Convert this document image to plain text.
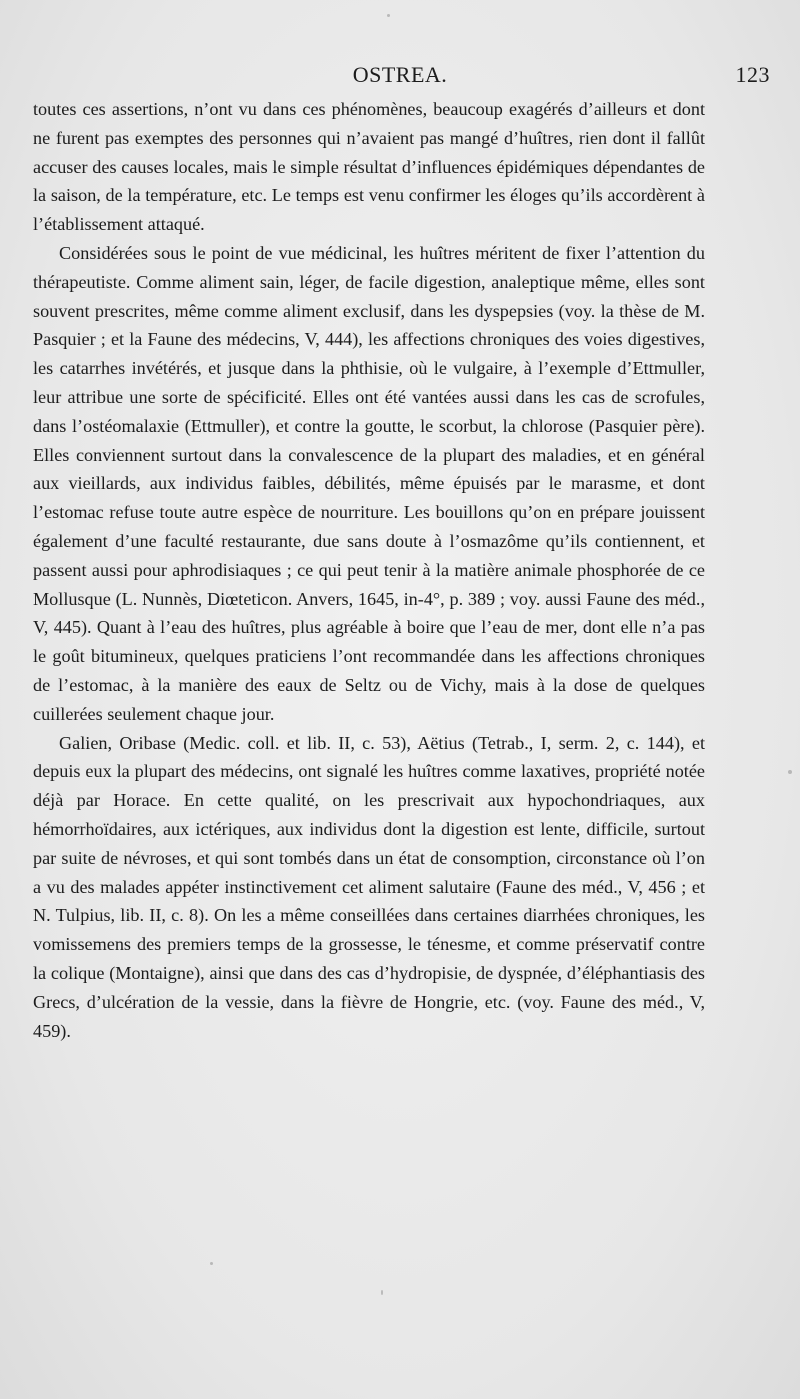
OSTREA.	123

toutes ces assertions, n’ont vu dans ces phénomènes, beaucoup exagérés d’ailleurs et dont ne furent pas exemptes des personnes qui n’avaient pas mangé d’huîtres, rien dont il fallût accuser des causes locales, mais le simple résultat d’influences épidémiques dépendantes de la saison, de la température, etc. Le temps est venu confirmer les éloges qu’ils accordèrent à l’établissement attaqué.

Considérées sous le point de vue médicinal, les huîtres méritent de fixer l’attention du thérapeutiste. Comme aliment sain, léger, de facile digestion, analeptique même, elles sont souvent prescrites, même comme aliment exclusif, dans les dyspepsies (voy. la thèse de M. Pasquier ; et la Faune des médecins, V, 444), les affections chroniques des voies digestives, les catarrhes invétérés, et jusque dans la phthisie, où le vulgaire, à l’exemple d’Ettmuller, leur attribue une sorte de spécificité. Elles ont été vantées aussi dans les cas de scrofules, dans l’ostéomalaxie (Ettmuller), et contre la goutte, le scorbut, la chlorose (Pasquier père). Elles conviennent surtout dans la convalescence de la plupart des maladies, et en général aux vieillards, aux individus faibles, débilités, même épuisés par le marasme, et dont l’estomac refuse toute autre espèce de nourriture. Les bouillons qu’on en prépare jouissent également d’une faculté restaurante, due sans doute à l’osmazôme qu’ils contiennent, et passent aussi pour aphrodisiaques ; ce qui peut tenir à la matière animale phosphorée de ce Mollusque (L. Nunnès, Diœteticon. Anvers, 1645, in-4°, p. 389 ; voy. aussi Faune des méd., V, 445). Quant à l’eau des huîtres, plus agréable à boire que l’eau de mer, dont elle n’a pas le goût bitumineux, quelques praticiens l’ont recommandée dans les affections chroniques de l’estomac, à la manière des eaux de Seltz ou de Vichy, mais à la dose de quelques cuillerées seulement chaque jour.

Galien, Oribase (Medic. coll. et lib. II, c. 53), Aëtius (Tetrab., I, serm. 2, c. 144), et depuis eux la plupart des médecins, ont signalé les huîtres comme laxatives, propriété notée déjà par Horace. En cette qualité, on les prescrivait aux hypochondriaques, aux hémorrhoïdaires, aux ictériques, aux individus dont la digestion est lente, difficile, surtout par suite de névroses, et qui sont tombés dans un état de consomption, circonstance où l’on a vu des malades appéter instinctivement cet aliment salutaire (Faune des méd., V, 456 ; et N. Tulpius, lib. II, c. 8). On les a même conseillées dans certaines diarrhées chroniques, les vomissemens des premiers temps de la grossesse, le ténesme, et comme préservatif contre la colique (Montaigne), ainsi que dans des cas d’hydropisie, de dyspnée, d’éléphantiasis des Grecs, d’ulcération de la vessie, dans la fièvre de Hongrie, etc. (voy. Faune des méd., V, 459).
